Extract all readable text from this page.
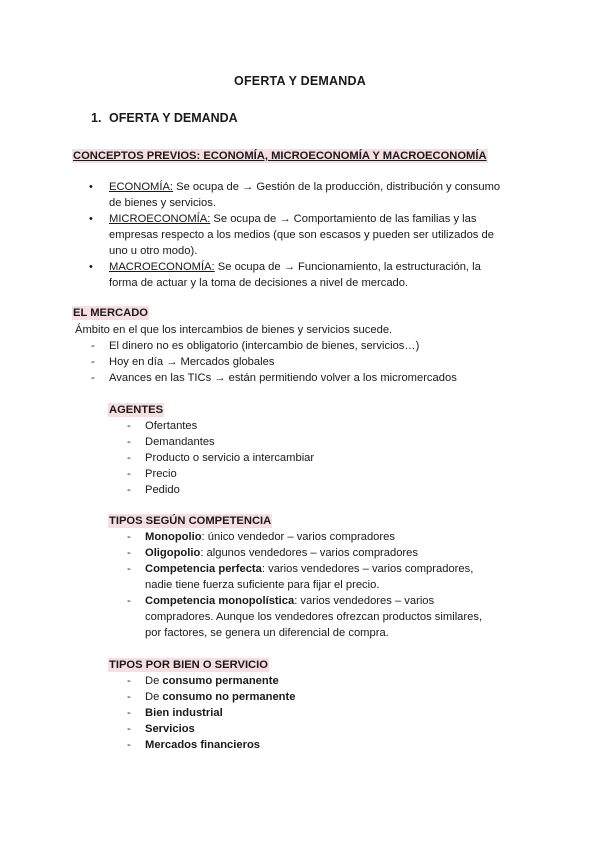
OFERTA Y DEMANDA
1. OFERTA Y DEMANDA
CONCEPTOS PREVIOS: ECONOMÍA, MICROECONOMÍA Y MACROECONOMÍA
• ECONOMÍA: Se ocupa de → Gestión de la producción, distribución y consumo
de bienes y servicios.
• MICROECONOMÍA: Se ocupa de → Comportamiento de las familias y las
empresas respecto a los medios (que son escasos y pueden ser utilizados de
uno u otro modo).
• MACROECONOMÍA: Se ocupa de → Funcionamiento, la estructuración, la
forma de actuar y la toma de decisiones a nivel de mercado.
EL MERCADO
Ámbito en el que los intercambios de bienes y servicios sucede.
- El dinero no es obligatorio (intercambio de bienes, servicios…)
- Hoy en día → Mercados globales
- Avances en las TICs → están permitiendo volver a los micromercados
AGENTES
- Ofertantes
- Demandantes
- Producto o servicio a intercambiar
- Precio
- Pedido
TIPOS SEGÚN COMPETENCIA
- Monopolio: único vendedor – varios compradores
- Oligopolio: algunos vendedores – varios compradores
- Competencia perfecta: varios vendedores – varios compradores,
nadie tiene fuerza suficiente para fijar el precio.
- Competencia monopolística: varios vendedores – varios
compradores. Aunque los vendedores ofrezcan productos similares,
por factores, se genera un diferencial de compra.
TIPOS POR BIEN O SERVICIO
- De consumo permanente
- De consumo no permanente
- Bien industrial
- Servicios
- Mercados financieros
